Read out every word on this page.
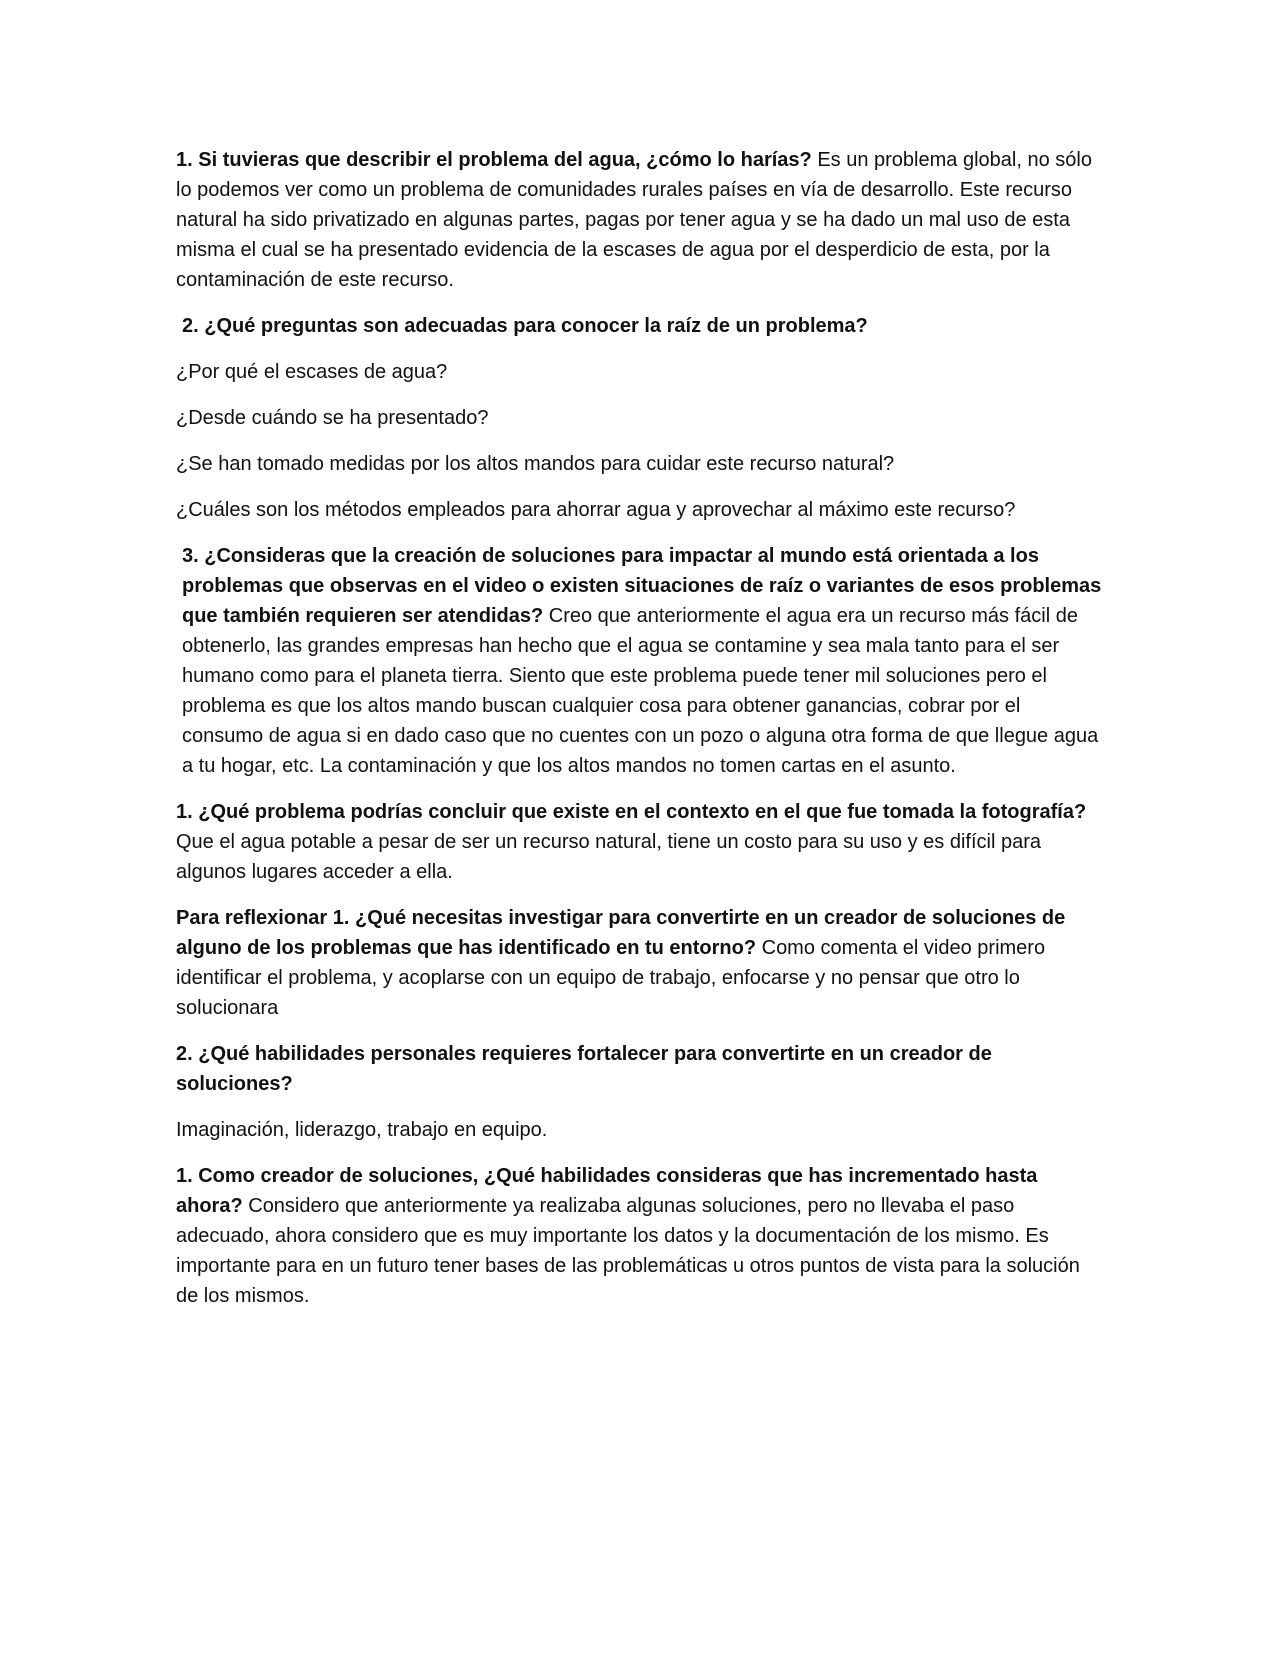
1. Si tuvieras que describir el problema del agua, ¿cómo lo harías? Es un problema global, no sólo lo podemos ver como un problema de comunidades rurales países en vía de desarrollo. Este recurso natural ha sido privatizado en algunas partes, pagas por tener agua y se ha dado un mal uso de esta misma el cual se ha presentado evidencia de la escases de agua por el desperdicio de esta, por la contaminación de este recurso.

2. ¿Qué preguntas son adecuadas para conocer la raíz de un problema?

¿Por qué el escases de agua?

¿Desde cuándo se ha presentado?

¿Se han tomado medidas por los altos mandos para cuidar este recurso natural?

¿Cuáles son los métodos empleados para ahorrar agua y aprovechar al máximo este recurso?

3. ¿Consideras que la creación de soluciones para impactar al mundo está orientada a los problemas que observas en el video o existen situaciones de raíz o variantes de esos problemas que también requieren ser atendidas? Creo que anteriormente el agua era un recurso más fácil de obtenerlo, las grandes empresas han hecho que el agua se contamine y sea mala tanto para el ser humano como para el planeta tierra. Siento que este problema puede tener mil soluciones pero el problema es que los altos mando buscan cualquier cosa para obtener ganancias, cobrar por el consumo de agua si en dado caso que no cuentes con un pozo o alguna otra forma de que llegue agua a tu hogar, etc. La contaminación y que los altos mandos no tomen cartas en el asunto.

1. ¿Qué problema podrías concluir que existe en el contexto en el que fue tomada la fotografía? Que el agua potable a pesar de ser un recurso natural, tiene un costo para su uso y es difícil para algunos lugares acceder a ella.

Para reflexionar 1. ¿Qué necesitas investigar para convertirte en un creador de soluciones de alguno de los problemas que has identificado en tu entorno? Como comenta el video primero identificar el problema, y acoplarse con un equipo de trabajo, enfocarse y no pensar que otro lo solucionara

2. ¿Qué habilidades personales requieres fortalecer para convertirte en un creador de soluciones?

Imaginación, liderazgo, trabajo en equipo.

1. Como creador de soluciones, ¿Qué habilidades consideras que has incrementado hasta ahora? Considero que anteriormente ya realizaba algunas soluciones, pero no llevaba el paso adecuado, ahora considero que es muy importante los datos y la documentación de los mismo. Es importante para en un futuro tener bases de las problemáticas u otros puntos de vista para la solución de los mismos.
